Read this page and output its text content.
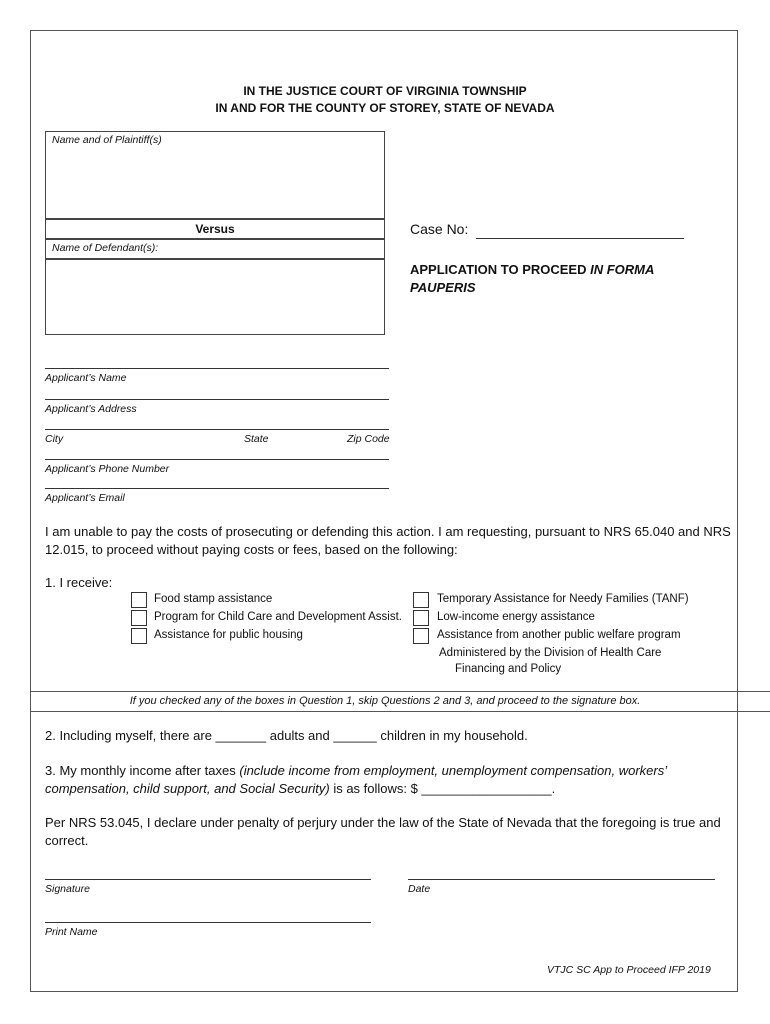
IN THE JUSTICE COURT OF VIRGINIA TOWNSHIP
IN AND FOR THE COUNTY OF STOREY, STATE OF NEVADA
Name and of Plaintiff(s)
Versus
Name of Defendant(s):
Case No:
APPLICATION TO PROCEED IN FORMA
PAUPERIS
Applicant’s Name
Applicant’s Address
City	State	Zip Code
Applicant’s Phone Number
Applicant’s Email
I am unable to pay the costs of prosecuting or defending this action. I am requesting, pursuant to NRS 65.040 and NRS
12.015, to proceed without paying costs or fees, based on the following:
1. I receive:
Food stamp assistance
Program for Child Care and Development Assist.
Assistance for public housing
Temporary Assistance for Needy Families (TANF)
Low-income energy assistance
Assistance from another public welfare program
Administered by the Division of Health Care
Financing and Policy
If you checked any of the boxes in Question 1, skip Questions 2 and 3, and proceed to the signature box.
2. Including myself, there are _______ adults and ______ children in my household.
3. My monthly income after taxes (include income from employment, unemployment compensation, workers’
compensation, child support, and Social Security) is as follows: $ __________________.
Per NRS 53.045, I declare under penalty of perjury under the law of the State of Nevada that the foregoing is true and
correct.
Signature	Date
Print Name
VTJC SC App to Proceed IFP 2019
